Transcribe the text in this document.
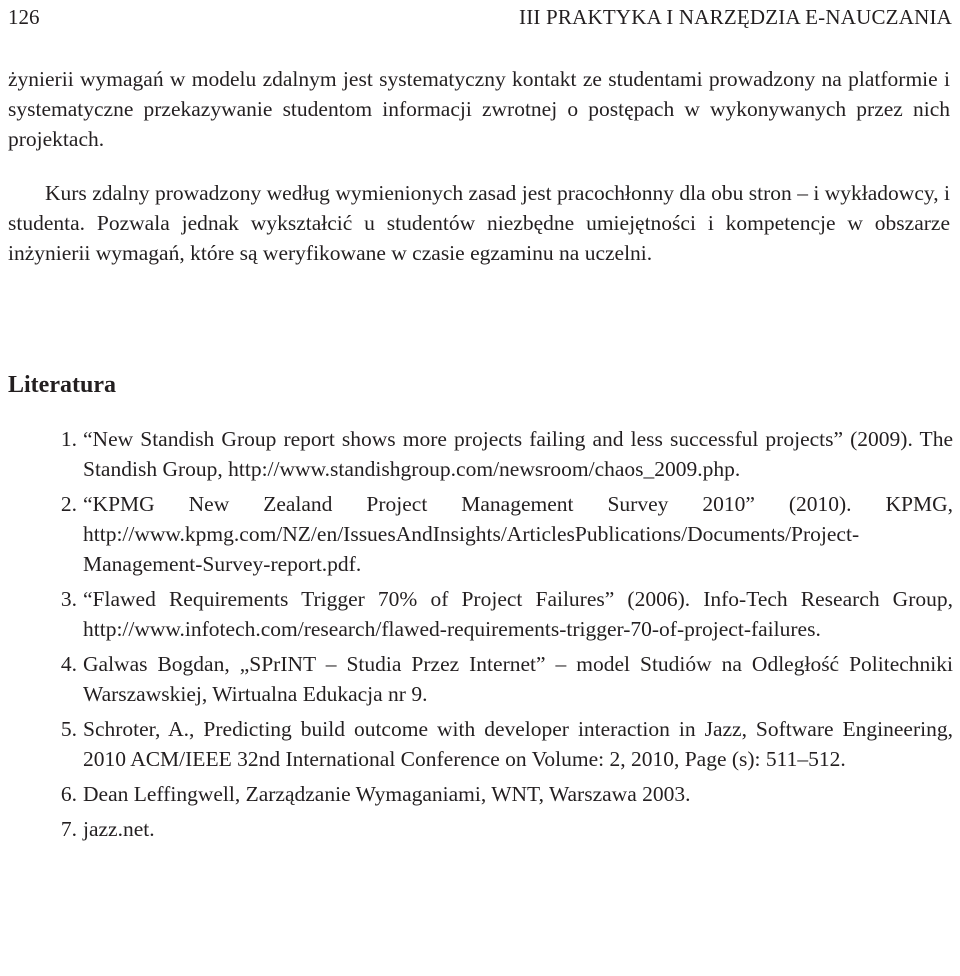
126	III PRAKTYKA I NARZĘDZIA E-NAUCZANIA

żynierii wymagań w modelu zdalnym jest systematyczny kontakt ze studentami prowadzony na platformie i systematyczne przekazywanie studentom informacji zwrotnej o postępach w wykonywanych przez nich projektach.

Kurs zdalny prowadzony według wymienionych zasad jest pracochłonny dla obu stron – i wykładowcy, i studenta. Pozwala jednak wykształcić u studentów niezbędne umiejętności i kompetencje w obszarze inżynierii wymagań, które są weryfikowane w czasie egzaminu na uczelni.

Literatura
1. “New Standish Group report shows more projects failing and less successful projects” (2009). The Standish Group, http://www.standishgroup.com/newsroom/chaos_2009.php.
2. “KPMG New Zealand Project Management Survey 2010” (2010). KPMG, http://www.kpmg.com/NZ/en/IssuesAndInsights/ArticlesPublications/Documents/Project-Management-Survey-report.pdf.
3. “Flawed Requirements Trigger 70% of Project Failures” (2006). Info-Tech Research Group, http://www.infotech.com/research/flawed-requirements-trigger-70-of-project-failures.
4. Galwas Bogdan, „SPrINT – Studia Przez Internet” – model Studiów na Odległość Politechniki Warszawskiej, Wirtualna Edukacja nr 9.
5. Schroter, A., Predicting build outcome with developer interaction in Jazz, Software Engineering, 2010 ACM/IEEE 32nd International Conference on Volume: 2, 2010, Page (s): 511–512.
6. Dean Leffingwell, Zarządzanie Wymaganiami, WNT, Warszawa 2003.
7. jazz.net.
